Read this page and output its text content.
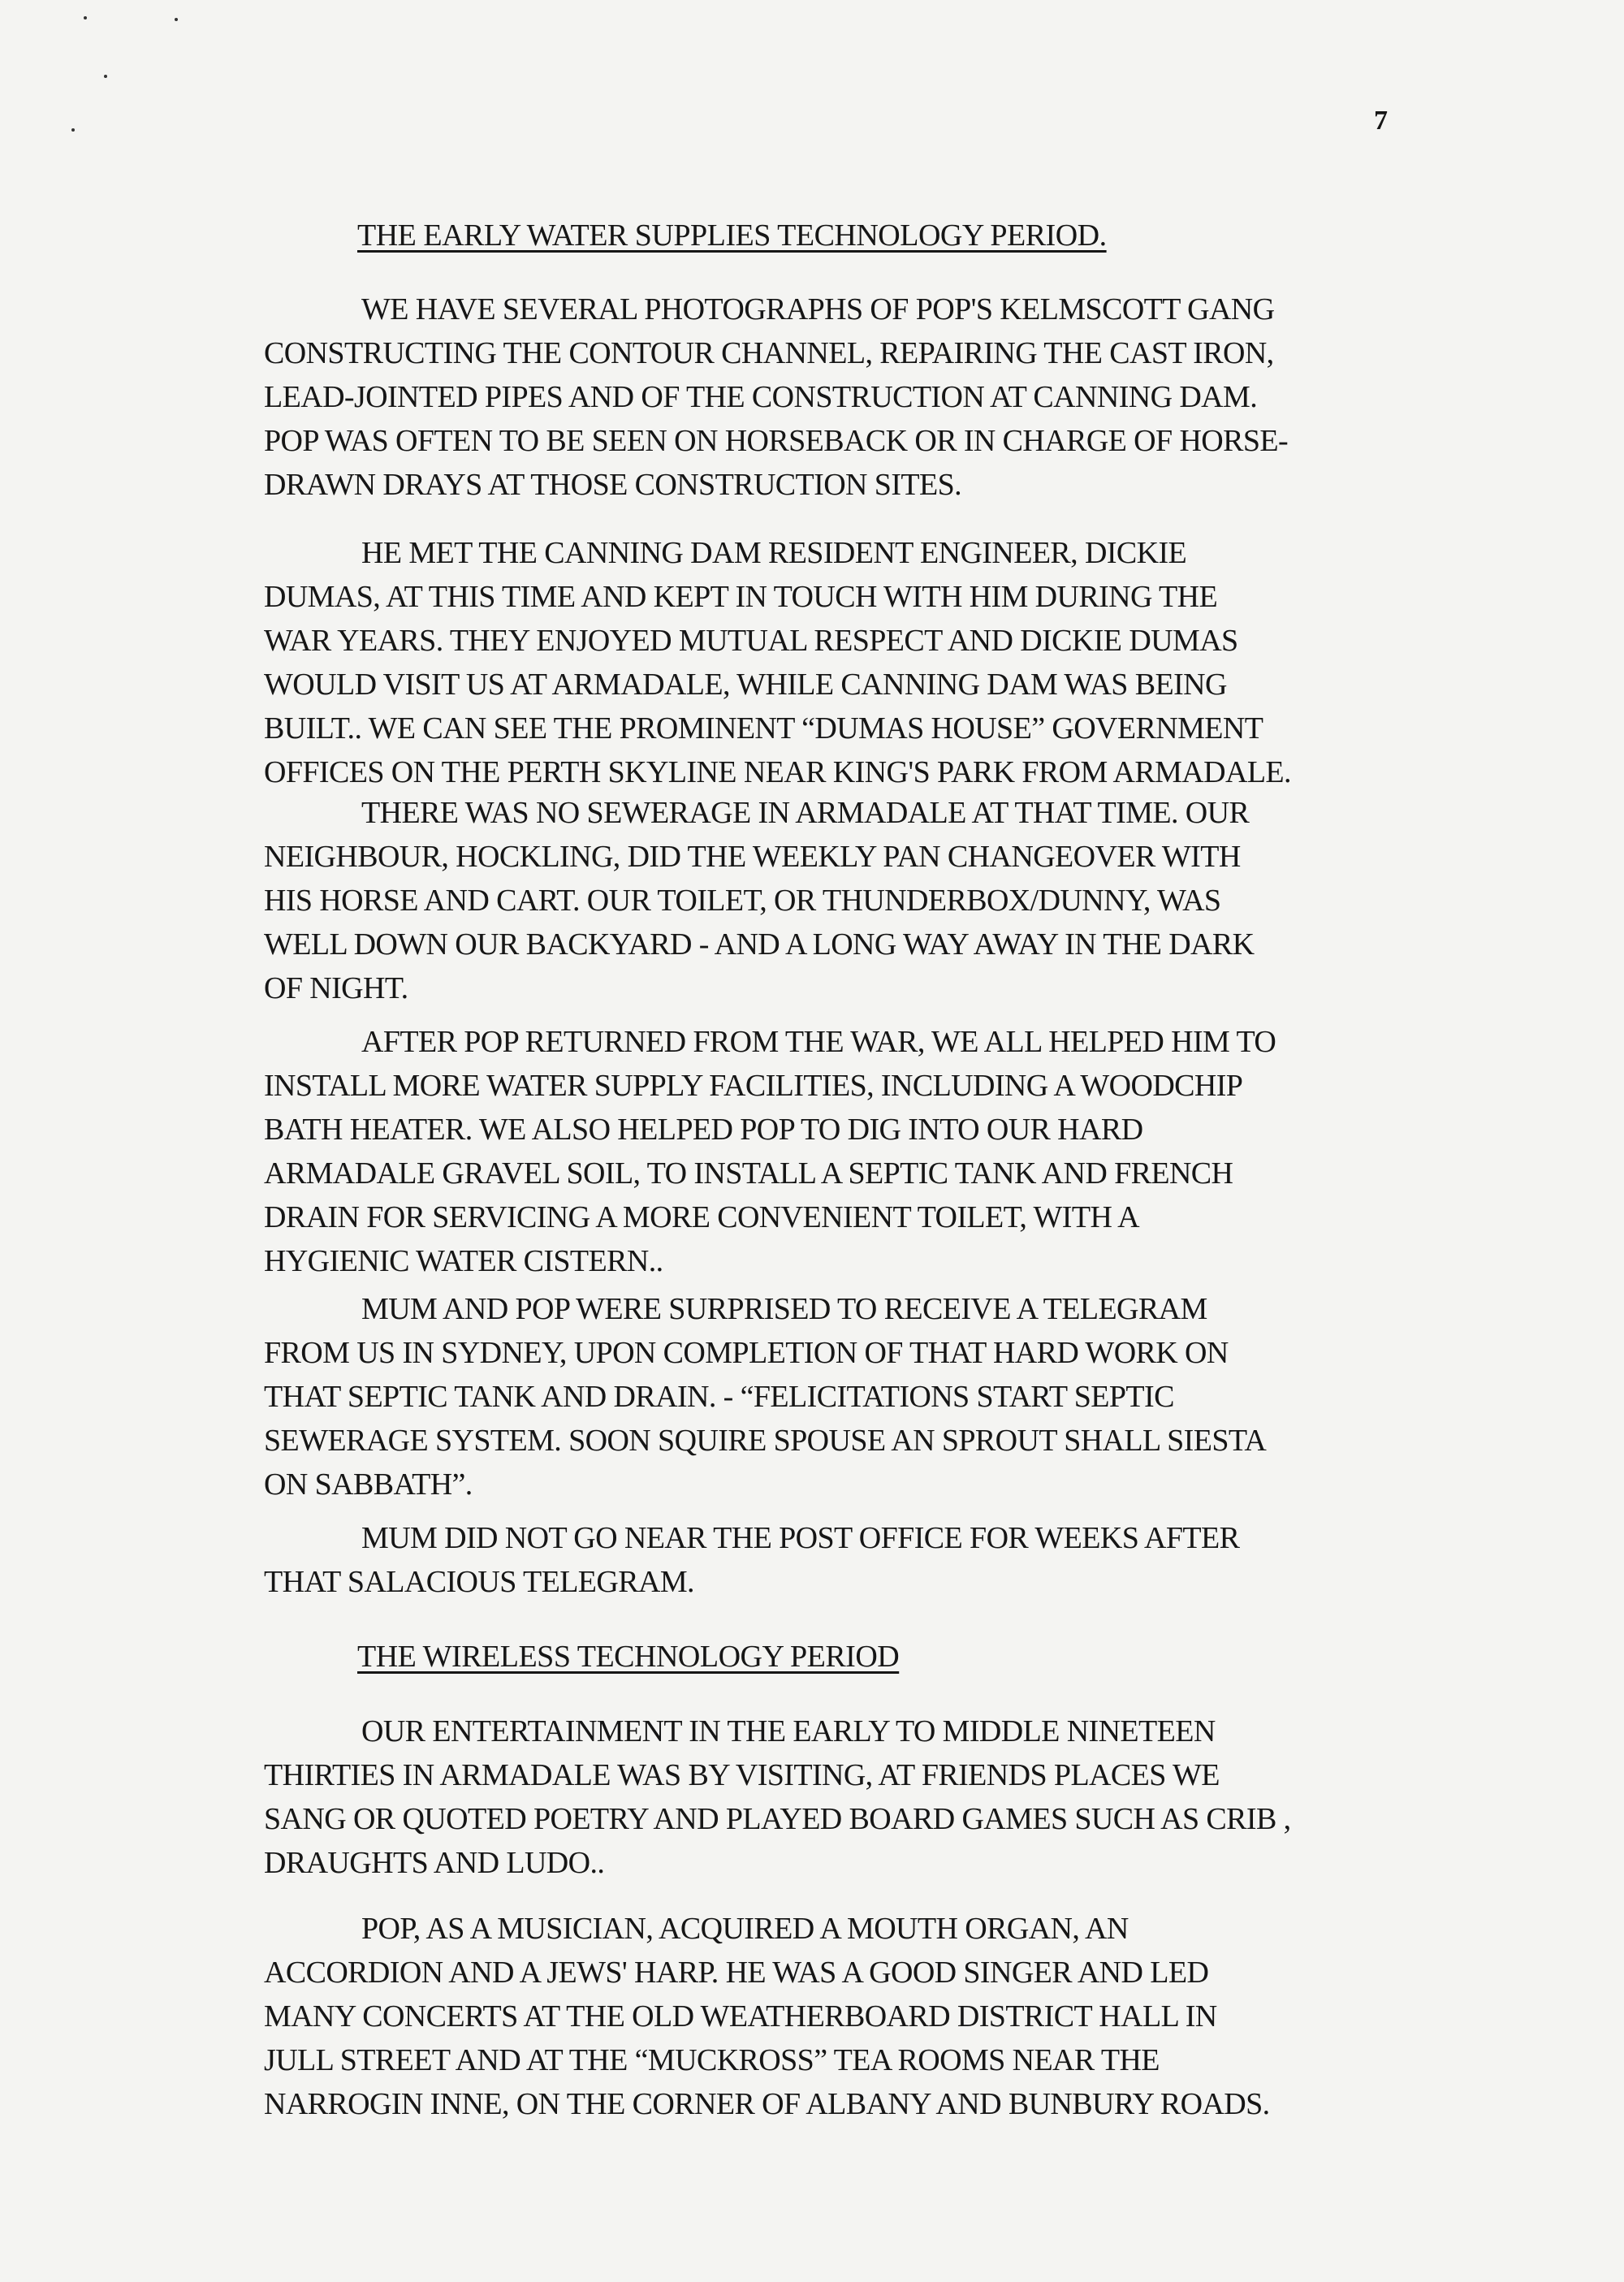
7
THE EARLY WATER SUPPLIES TECHNOLOGY PERIOD.
WE HAVE SEVERAL PHOTOGRAPHS OF POP'S KELMSCOTT GANG
CONSTRUCTING THE CONTOUR CHANNEL, REPAIRING THE CAST IRON,
LEAD-JOINTED PIPES AND OF THE CONSTRUCTION AT CANNING DAM.
POP WAS OFTEN TO BE SEEN ON HORSEBACK OR IN CHARGE OF HORSE-
DRAWN DRAYS AT THOSE CONSTRUCTION SITES.
HE MET THE CANNING DAM RESIDENT ENGINEER, DICKIE
DUMAS, AT THIS TIME AND KEPT IN TOUCH WITH HIM DURING THE
WAR YEARS. THEY ENJOYED MUTUAL RESPECT AND DICKIE DUMAS
WOULD VISIT US AT ARMADALE, WHILE CANNING DAM WAS BEING
BUILT.. WE CAN SEE THE PROMINENT “DUMAS HOUSE” GOVERNMENT
OFFICES ON THE PERTH SKYLINE NEAR KING'S PARK FROM ARMADALE.
THERE WAS NO SEWERAGE IN ARMADALE AT THAT TIME. OUR
NEIGHBOUR, HOCKLING, DID THE WEEKLY PAN CHANGEOVER WITH
HIS HORSE AND CART. OUR TOILET, OR THUNDERBOX/DUNNY, WAS
WELL DOWN OUR BACKYARD - AND A LONG WAY AWAY IN THE DARK
OF NIGHT.
AFTER POP RETURNED FROM THE WAR, WE ALL HELPED HIM TO
INSTALL MORE WATER SUPPLY FACILITIES, INCLUDING A WOODCHIP
BATH HEATER. WE ALSO HELPED POP TO DIG INTO OUR HARD
ARMADALE GRAVEL SOIL, TO INSTALL A SEPTIC TANK AND FRENCH
DRAIN FOR SERVICING A MORE CONVENIENT TOILET, WITH A
HYGIENIC WATER CISTERN..
MUM AND POP WERE SURPRISED TO RECEIVE A TELEGRAM
FROM US IN SYDNEY, UPON COMPLETION OF THAT HARD WORK ON
THAT SEPTIC TANK AND DRAIN. - “FELICITATIONS START SEPTIC
SEWERAGE SYSTEM. SOON SQUIRE SPOUSE AN SPROUT SHALL SIESTA
ON SABBATH”.
MUM DID NOT GO NEAR THE POST OFFICE FOR WEEKS AFTER
THAT SALACIOUS TELEGRAM.
THE WIRELESS TECHNOLOGY PERIOD
OUR ENTERTAINMENT IN THE EARLY TO MIDDLE NINETEEN
THIRTIES IN ARMADALE WAS BY VISITING, AT FRIENDS PLACES WE
SANG OR QUOTED POETRY AND PLAYED BOARD GAMES SUCH AS CRIB ,
DRAUGHTS AND LUDO..
POP, AS A MUSICIAN, ACQUIRED A MOUTH ORGAN, AN
ACCORDION AND A JEWS' HARP. HE WAS A GOOD SINGER AND LED
MANY CONCERTS AT THE OLD WEATHERBOARD DISTRICT HALL IN
JULL STREET AND AT THE “MUCKROSS” TEA ROOMS NEAR THE
NARROGIN INNE, ON THE CORNER OF ALBANY AND BUNBURY ROADS.
